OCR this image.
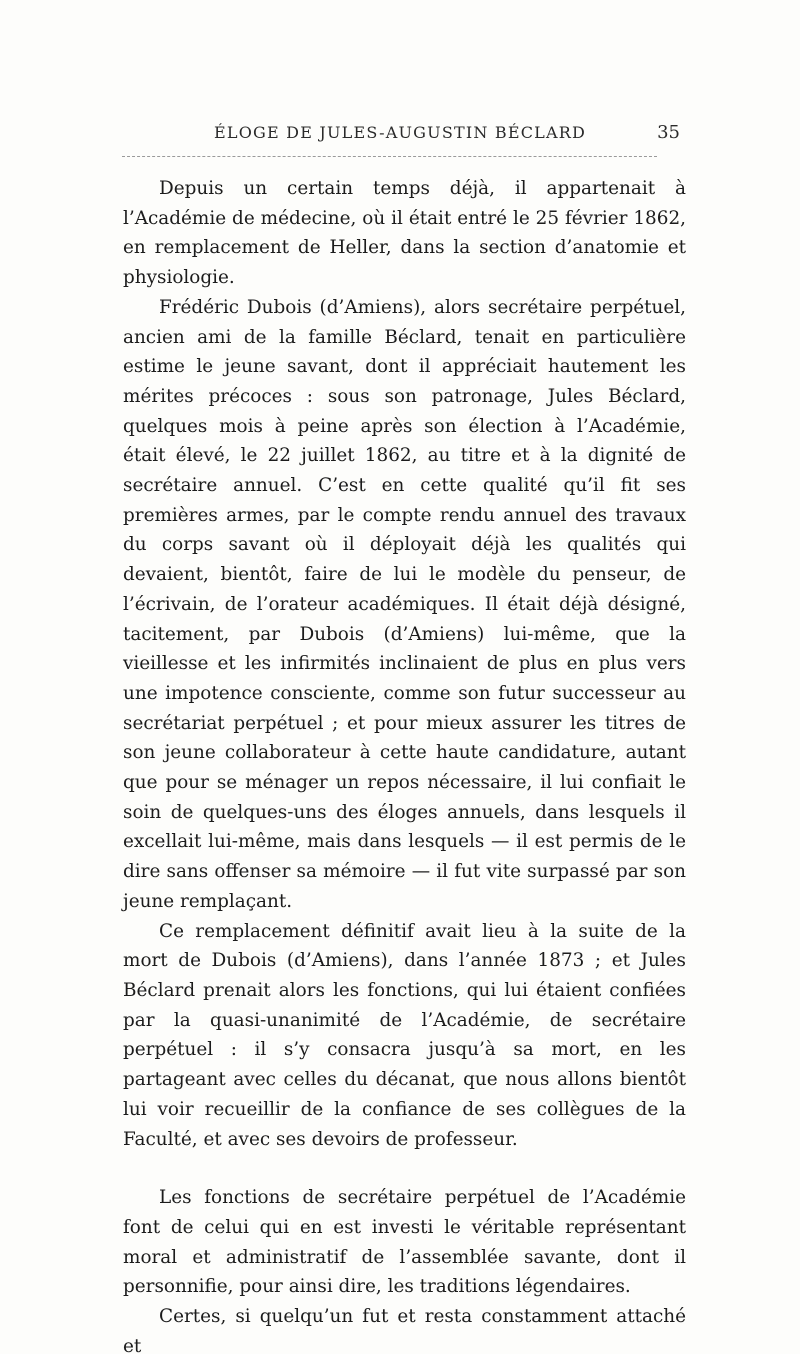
ÉLOGE DE JULES-AUGUSTIN BÉCLARD	35

Depuis un certain temps déjà, il appartenait à l’Académie de médecine, où il était entré le 25 février 1862, en remplacement de Heller, dans la section d’anatomie et physiologie.

Frédéric Dubois (d’Amiens), alors secrétaire perpétuel, ancien ami de la famille Béclard, tenait en particulière estime le jeune savant, dont il appréciait hautement les mérites précoces : sous son patronage, Jules Béclard, quelques mois à peine après son élection à l’Académie, était élevé, le 22 juillet 1862, au titre et à la dignité de secrétaire annuel. C’est en cette qualité qu’il fit ses premières armes, par le compte rendu annuel des travaux du corps savant où il déployait déjà les qualités qui devaient, bientôt, faire de lui le modèle du penseur, de l’écrivain, de l’orateur académiques. Il était déjà désigné, tacitement, par Dubois (d’Amiens) lui-même, que la vieillesse et les infirmités inclinaient de plus en plus vers une impotence consciente, comme son futur successeur au secrétariat perpétuel ; et pour mieux assurer les titres de son jeune collaborateur à cette haute candidature, autant que pour se ménager un repos nécessaire, il lui confiait le soin de quelques-uns des éloges annuels, dans lesquels il excellait lui-même, mais dans lesquels — il est permis de le dire sans offenser sa mémoire — il fut vite surpassé par son jeune remplaçant.

Ce remplacement définitif avait lieu à la suite de la mort de Dubois (d’Amiens), dans l’année 1873 ; et Jules Béclard prenait alors les fonctions, qui lui étaient confiées par la quasi-unanimité de l’Académie, de secrétaire perpétuel : il s’y consacra jusqu’à sa mort, en les partageant avec celles du décanat, que nous allons bientôt lui voir recueillir de la confiance de ses collègues de la Faculté, et avec ses devoirs de professeur.

Les fonctions de secrétaire perpétuel de l’Académie font de celui qui en est investi le véritable représentant moral et administratif de l’assemblée savante, dont il personnifie, pour ainsi dire, les traditions légendaires.

Certes, si quelqu’un fut et resta constamment attaché et
